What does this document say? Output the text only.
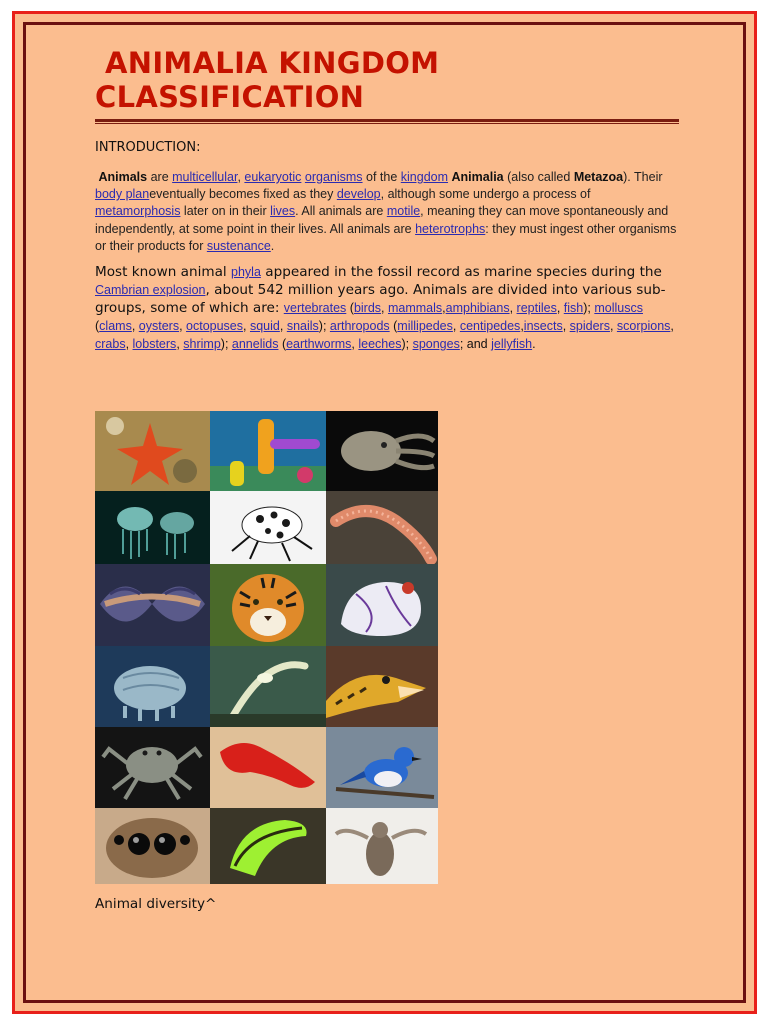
ANIMALIA KINGDOM
CLASSIFICATION
INTRODUCTION:

Animals are multicellular, eukaryotic organisms of the kingdom Animalia (also called Metazoa). Their body planeventually becomes fixed as they develop, although some undergo a process of metamorphosis later on in their lives. All animals are motile, meaning they can move spontaneously and independently, at some point in their lives. All animals are heterotrophs: they must ingest other organisms or their products for sustenance.

Most known animal phyla appeared in the fossil record as marine species during the Cambrian explosion, about 542 million years ago. Animals are divided into various sub-groups, some of which are: vertebrates (birds, mammals,amphibians, reptiles, fish); molluscs (clams, oysters, octopuses, squid, snails); arthropods (millipedes, centipedes,insects, spiders, scorpions, crabs, lobsters, shrimp); annelids (earthworms, leeches); sponges; and jellyfish.

Animal diversity^
